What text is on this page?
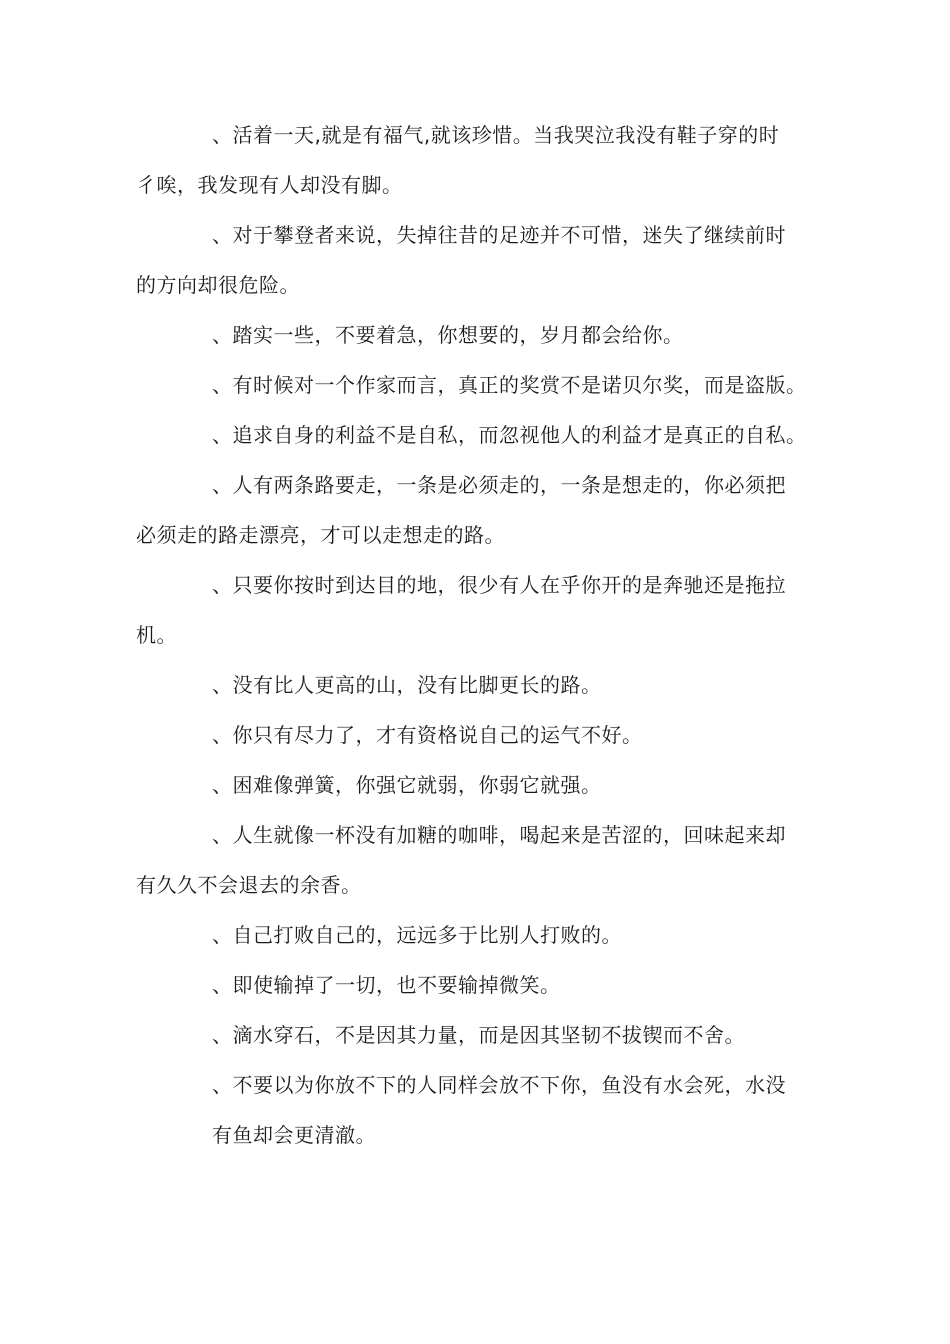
、活着一天,就是有福气,就该珍惜。当我哭泣我没有鞋子穿的时
彳唉，我发现有人却没有脚。
、对于攀登者来说，失掉往昔的足迹并不可惜，迷失了继续前时
的方向却很危险。
、踏实一些，不要着急，你想要的，岁月都会给你。
、有时候对一个作家而言，真正的奖赏不是诺贝尔奖，而是盗版。
、追求自身的利益不是自私，而忽视他人的利益才是真正的自私。
、人有两条路要走，一条是必须走的，一条是想走的，你必须把
必须走的路走漂亮，才可以走想走的路。
、只要你按时到达目的地，很少有人在乎你开的是奔驰还是拖拉
机。
、没有比人更高的山，没有比脚更长的路。
、你只有尽力了，才有资格说自己的运气不好。
、困难像弹簧，你强它就弱，你弱它就强。
、人生就像一杯没有加糖的咖啡，喝起来是苦涩的，回味起来却
有久久不会退去的余香。
、自己打败自己的，远远多于比别人打败的。
、即使输掉了一切，也不要输掉微笑。
、滴水穿石，不是因其力量，而是因其坚韧不拔锲而不舍。
、不要以为你放不下的人同样会放不下你，鱼没有水会死，水没
有鱼却会更清澈。
